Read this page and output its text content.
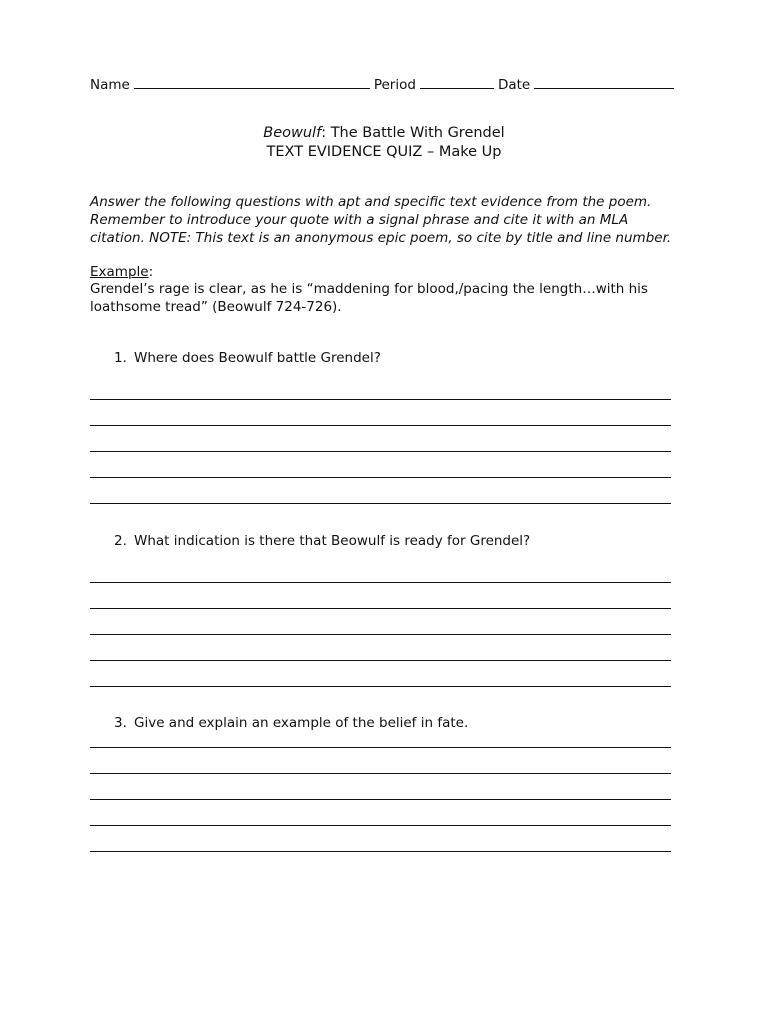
Name	Period	Date
Beowulf: The Battle With Grendel
TEXT EVIDENCE QUIZ – Make Up
Answer the following questions with apt and specific text evidence from the poem. Remember to introduce your quote with a signal phrase and cite it with an MLA citation. NOTE: This text is an anonymous epic poem, so cite by title and line number.
Example:
Grendel’s rage is clear, as he is “maddening for blood,/pacing the length…with his loathsome tread” (Beowulf 724-726).
1. Where does Beowulf battle Grendel?
2. What indication is there that Beowulf is ready for Grendel?
3. Give and explain an example of the belief in fate.
